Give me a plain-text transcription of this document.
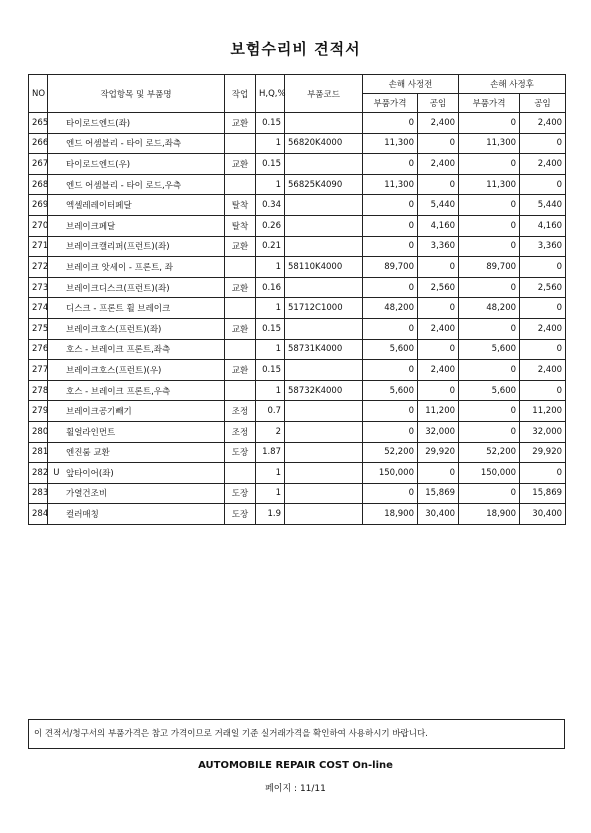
보험수리비 견적서
NO	작업항목 및 부품명	작업	H,Q,%	부품코드	손해 사정전		손해 사정후	
					부품가격	공임	부품가격	공임
265	타이로드엔드(좌)	교환	0.15		0	2,400	0	2,400
266	엔드 어셈블리 - 타이 로드,좌측		1	56820K4000	11,300	0	11,300	0
267	타이로드엔드(우)	교환	0.15		0	2,400	0	2,400
268	엔드 어셈블리 - 타이 로드,우측		1	56825K4090	11,300	0	11,300	0
269	엑셀레레이터페달	탈착	0.34		0	5,440	0	5,440
270	브레이크페달	탈착	0.26		0	4,160	0	4,160
271	브레이크캘리퍼(프런트)(좌)	교환	0.21		0	3,360	0	3,360
272	브레이크 앗세이 - 프론트, 좌		1	58110K4000	89,700	0	89,700	0
273	브레이크디스크(프런트)(좌)	교환	0.16		0	2,560	0	2,560
274	디스크 - 프론트 휠 브레이크		1	51712C1000	48,200	0	48,200	0
275	브레이크호스(프런트)(좌)	교환	0.15		0	2,400	0	2,400
276	호스 - 브레이크 프론트,좌측		1	58731K4000	5,600	0	5,600	0
277	브레이크호스(프런트)(우)	교환	0.15		0	2,400	0	2,400
278	호스 - 브레이크 프론트,우측		1	58732K4000	5,600	0	5,600	0
279	브레이크공기빼기	조정	0.7		0	11,200	0	11,200
280	휠얼라인먼트	조정	2		0	32,000	0	32,000
281	엔진룸 교환	도장	1.87		52,200	29,920	52,200	29,920
282 U	앞타이어(좌)		1		150,000	0	150,000	0
283	가열건조비	도장	1		0	15,869	0	15,869
284	컬러매칭	도장	1.9		18,900	30,400	18,900	30,400
이 견적서/청구서의 부품가격은 참고 가격이므로 거래일 기준 실거래가격을 확인하여 사용하시기 바랍니다.
AUTOMOBILE REPAIR COST On-line
페이지 : 11/11
